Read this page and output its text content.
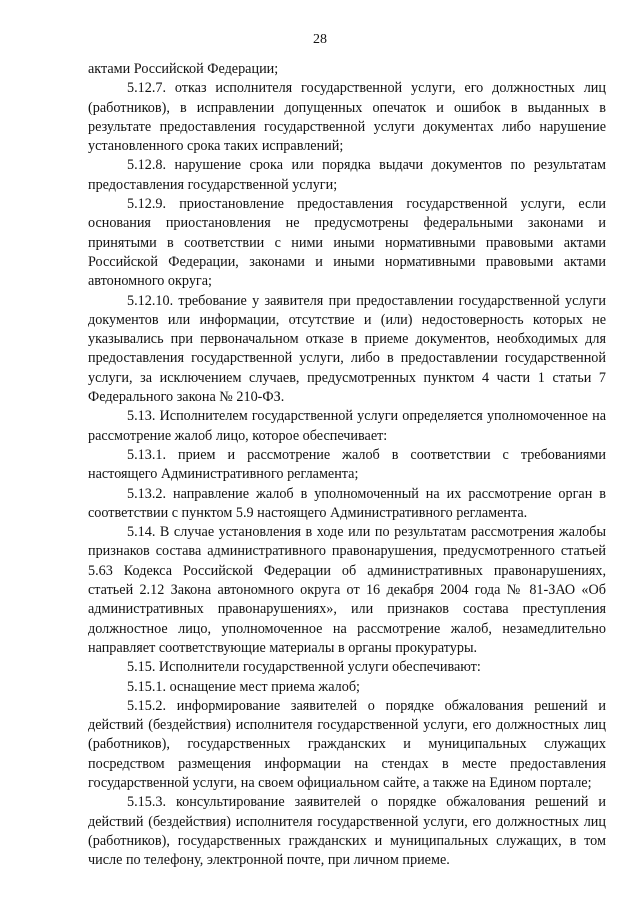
28

актами Российской Федерации;

5.12.7. отказ исполнителя государственной услуги, его должностных лиц (работников), в исправлении допущенных опечаток и ошибок в выданных в результате предоставления государственной услуги документах либо нарушение установленного срока таких исправлений;

5.12.8. нарушение срока или порядка выдачи документов по результатам предоставления государственной услуги;

5.12.9. приостановление предоставления государственной услуги, если основания приостановления не предусмотрены федеральными законами и принятыми в соответствии с ними иными нормативными правовыми актами Российской Федерации, законами и иными нормативными правовыми актами автономного округа;

5.12.10. требование у заявителя при предоставлении государственной услуги документов или информации, отсутствие и (или) недостоверность которых не указывались при первоначальном отказе в приеме документов, необходимых для предоставления государственной услуги, либо в предоставлении государственной услуги, за исключением случаев, предусмотренных пунктом 4 части 1 статьи 7 Федерального закона № 210-ФЗ.

5.13. Исполнителем государственной услуги определяется уполномоченное на рассмотрение жалоб лицо, которое обеспечивает:

5.13.1. прием и рассмотрение жалоб в соответствии с требованиями настоящего Административного регламента;

5.13.2. направление жалоб в уполномоченный на их рассмотрение орган в соответствии с пунктом 5.9 настоящего Административного регламента.

5.14. В случае установления в ходе или по результатам рассмотрения жалобы признаков состава административного правонарушения, предусмотренного статьей 5.63 Кодекса Российской Федерации об административных правонарушениях, статьей 2.12 Закона автономного округа от 16 декабря 2004 года № 81-ЗАО «Об административных правонарушениях», или признаков состава преступления должностное лицо, уполномоченное на рассмотрение жалоб, незамедлительно направляет соответствующие материалы в органы прокуратуры.

5.15. Исполнители государственной услуги обеспечивают:

5.15.1. оснащение мест приема жалоб;

5.15.2. информирование заявителей о порядке обжалования решений и действий (бездействия) исполнителя государственной услуги, его должностных лиц (работников), государственных гражданских и муниципальных служащих посредством размещения информации на стендах в месте предоставления государственной услуги, на своем официальном сайте, а также на Едином портале;

5.15.3. консультирование заявителей о порядке обжалования решений и действий (бездействия) исполнителя государственной услуги, его должностных лиц (работников), государственных гражданских и муниципальных служащих, в том числе по телефону, электронной почте, при личном приеме.
